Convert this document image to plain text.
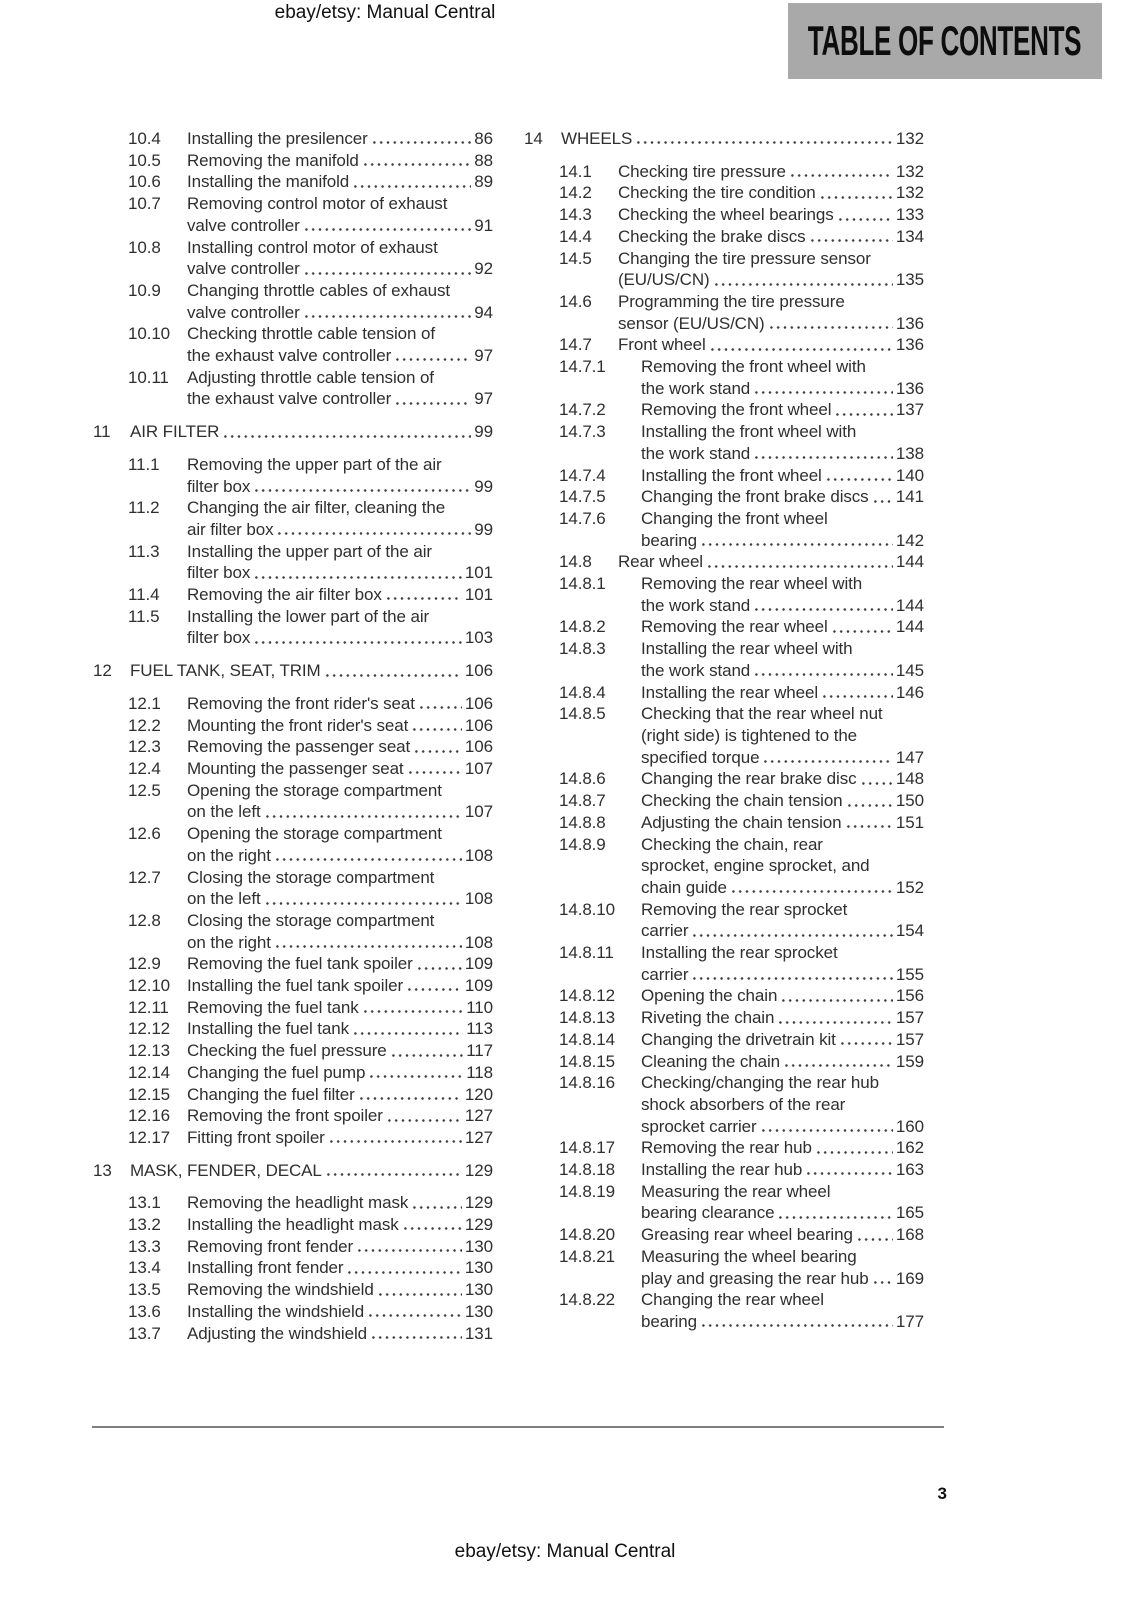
ebay/etsy: Manual Central
TABLE OF CONTENTS
10.4	Installing the presilencer	86
10.5	Removing the manifold	88
10.6	Installing the manifold	89
10.7	Removing control motor of exhaust
valve controller	91
10.8	Installing control motor of exhaust
valve controller	92
10.9	Changing throttle cables of exhaust
valve controller	94
10.10 Checking throttle cable tension of
the exhaust valve controller	97
10.11	Adjusting throttle cable tension of
the exhaust valve controller	97
11	AIR FILTER	99
11.1	Removing the upper part of the air
filter box	99
11.2	Changing the air filter, cleaning the
air filter box	99
11.3	Installing the upper part of the air
filter box	101
11.4	Removing the air filter box	101
11.5	Installing the lower part of the air
filter box	103
12	FUEL TANK, SEAT, TRIM	106
12.1	Removing the front rider's seat	106
12.2	Mounting the front rider's seat	106
12.3	Removing the passenger seat	106
12.4	Mounting the passenger seat	107
12.5	Opening the storage compartment
on the left	107
12.6	Opening the storage compartment
on the right	108
12.7	Closing the storage compartment
on the left	108
12.8	Closing the storage compartment
on the right	108
12.9	Removing the fuel tank spoiler	109
12.10 Installing the fuel tank spoiler	109
12.11	Removing the fuel tank	110
12.12 Installing the fuel tank	113
12.13 Checking the fuel pressure	117
12.14 Changing the fuel pump	118
12.15 Changing the fuel filter	120
12.16 Removing the front spoiler	127
12.17 Fitting front spoiler	127
13	MASK, FENDER, DECAL	129
13.1	Removing the headlight mask	129
13.2	Installing the headlight mask	129
13.3	Removing front fender	130
13.4	Installing front fender	130
13.5	Removing the windshield	130
13.6	Installing the windshield	130
13.7	Adjusting the windshield	131
14	WHEELS	132
14.1	Checking tire pressure	132
14.2	Checking the tire condition	132
14.3	Checking the wheel bearings	133
14.4	Checking the brake discs	134
14.5	Changing the tire pressure sensor
(EU/US/CN)	135
14.6	Programming the tire pressure
sensor (EU/US/CN)	136
14.7	Front wheel	136
14.7.1	Removing the front wheel with
the work stand	136
14.7.2	Removing the front wheel	137
14.7.3	Installing the front wheel with
the work stand	138
14.7.4	Installing the front wheel	140
14.7.5	Changing the front brake discs 141
14.7.6	Changing the front wheel
bearing	142
14.8	Rear wheel	144
14.8.1	Removing the rear wheel with
the work stand	144
14.8.2	Removing the rear wheel	144
14.8.3	Installing the rear wheel with
the work stand	145
14.8.4	Installing the rear wheel	146
14.8.5	Checking that the rear wheel nut
(right side) is tightened to the
specified torque	147
14.8.6	Changing the rear brake disc 148
14.8.7	Checking the chain tension	150
14.8.8	Adjusting the chain tension	151
14.8.9	Checking the chain, rear
sprocket, engine sprocket, and
chain guide	152
14.8.10	Removing the rear sprocket
carrier	154
14.8.11	Installing the rear sprocket
carrier	155
14.8.12	Opening the chain	156
14.8.13	Riveting the chain	157
14.8.14	Changing the drivetrain kit	157
14.8.15	Cleaning the chain	159
14.8.16	Checking/changing the rear hub
shock absorbers of the rear
sprocket carrier	160
14.8.17	Removing the rear hub	162
14.8.18	Installing the rear hub	163
14.8.19	Measuring the rear wheel
bearing clearance	165
14.8.20	Greasing rear wheel bearing	168
14.8.21	Measuring the wheel bearing
play and greasing the rear hub 169
14.8.22	Changing the rear wheel
bearing	177
3
ebay/etsy: Manual Central
